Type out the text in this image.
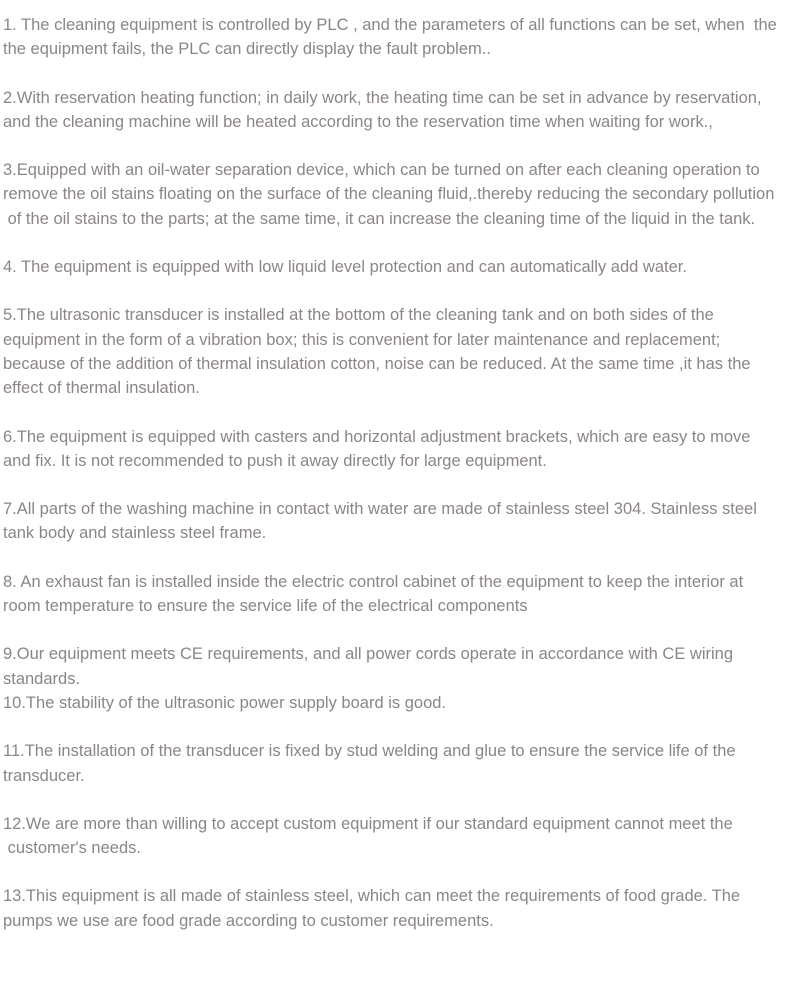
1. The cleaning equipment is controlled by PLC , and the parameters of all functions can be set, when  the
the equipment fails, the PLC can directly display the fault problem..

2.With reservation heating function; in daily work, the heating time can be set in advance by reservation,
and the cleaning machine will be heated according to the reservation time when waiting for work.,

3.Equipped with an oil-water separation device, which can be turned on after each cleaning operation to
remove the oil stains floating on the surface of the cleaning fluid,.thereby reducing the secondary pollution
of the oil stains to the parts; at the same time, it can increase the cleaning time of the liquid in the tank.

4. The equipment is equipped with low liquid level protection and can automatically add water.

5.The ultrasonic transducer is installed at the bottom of the cleaning tank and on both sides of the
equipment in the form of a vibration box; this is convenient for later maintenance and replacement;
because of the addition of thermal insulation cotton, noise can be reduced. At the same time ,it has the
effect of thermal insulation.

6.The equipment is equipped with casters and horizontal adjustment brackets, which are easy to move
and fix. It is not recommended to push it away directly for large equipment.

7.All parts of the washing machine in contact with water are made of stainless steel 304. Stainless steel
tank body and stainless steel frame.

8. An exhaust fan is installed inside the electric control cabinet of the equipment to keep the interior at
room temperature to ensure the service life of the electrical components

9.Our equipment meets CE requirements, and all power cords operate in accordance with CE wiring
standards.

10.The stability of the ultrasonic power supply board is good.

11.The installation of the transducer is fixed by stud welding and glue to ensure the service life of the
transducer.

12.We are more than willing to accept custom equipment if our standard equipment cannot meet the
customer's needs.

13.This equipment is all made of stainless steel, which can meet the requirements of food grade. The
pumps we use are food grade according to customer requirements.
